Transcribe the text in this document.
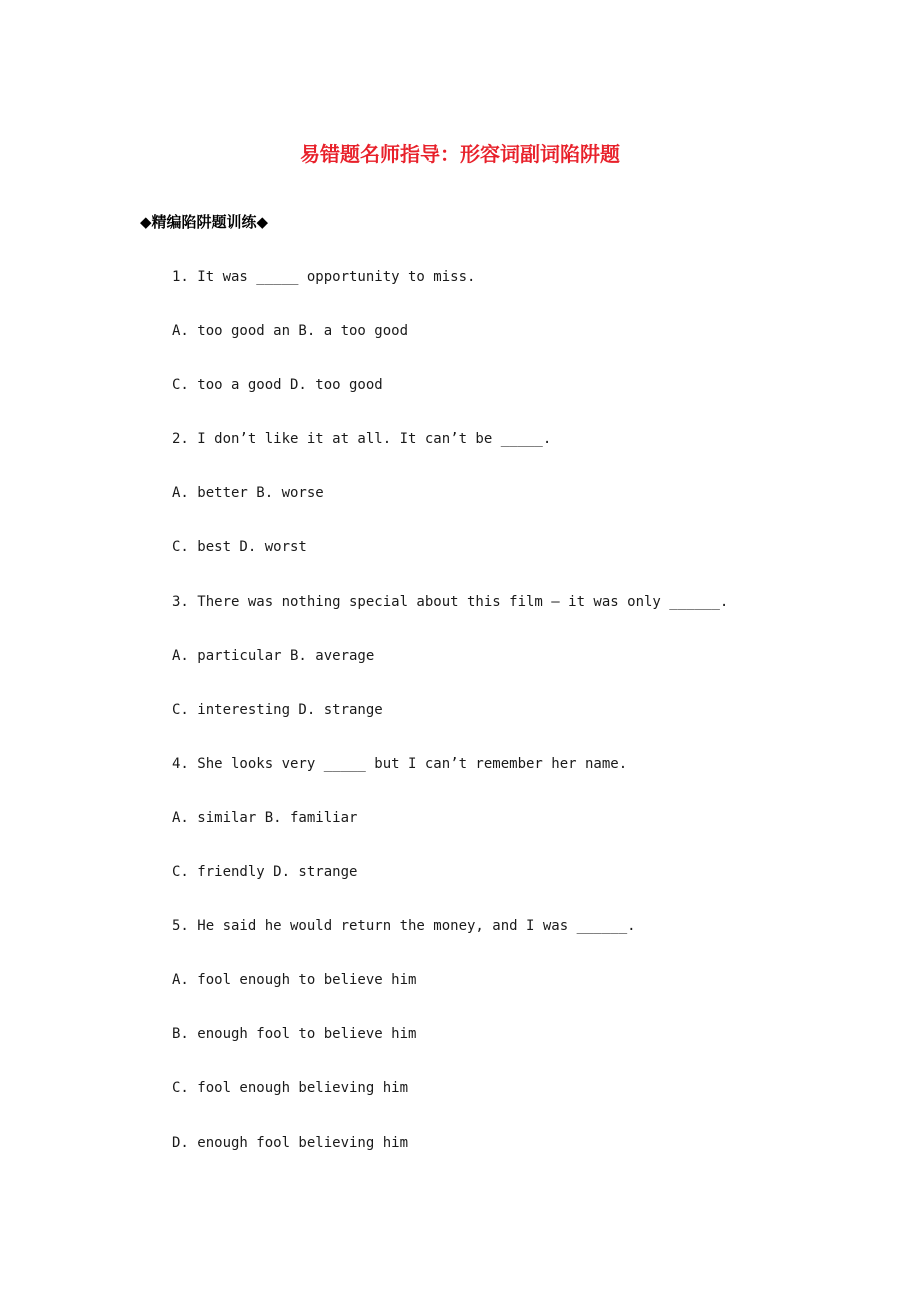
易错题名师指导：形容词副词陷阱题
◆精编陷阱题训练◆
1. It was _____ opportunity to miss.
A. too good an B. a too good
C. too a good D. too good
2. I don’t like it at all. It can’t be _____.
A. better B. worse
C. best D. worst
3. There was nothing special about this film — it was only ______.
A. particular B. average
C. interesting D. strange
4. She looks very _____ but I can’t remember her name.
A. similar B. familiar
C. friendly D. strange
5. He said he would return the money, and I was ______.
A. fool enough to believe him
B. enough fool to believe him
C. fool enough believing him
D. enough fool believing him
